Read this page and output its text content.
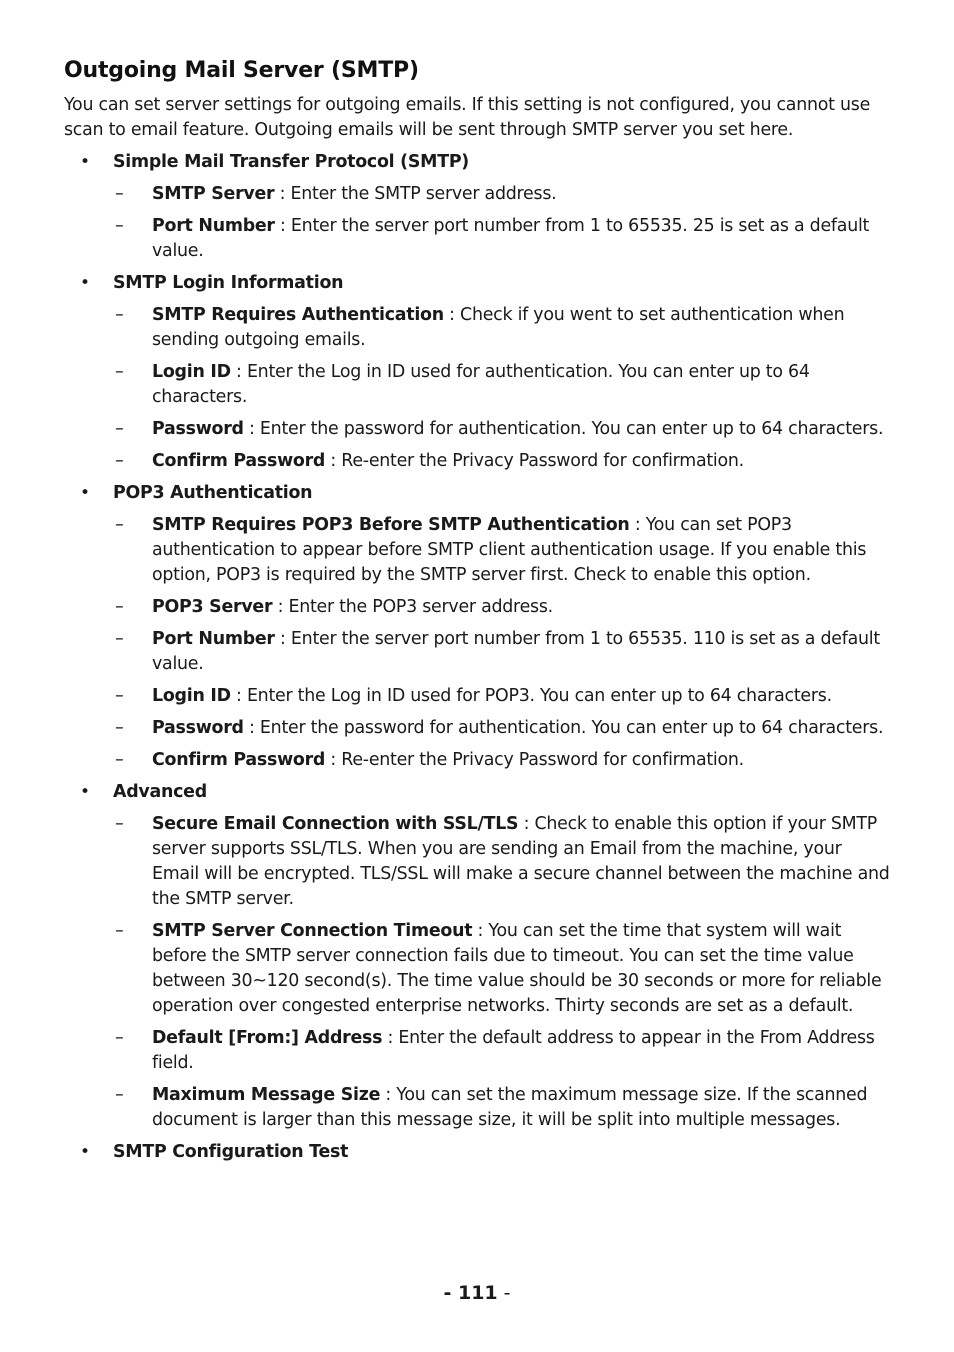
Outgoing Mail Server (SMTP)

You can set server settings for outgoing emails. If this setting is not configured, you cannot use scan to email feature. Outgoing emails will be sent through SMTP server you set here.

• Simple Mail Transfer Protocol (SMTP)
– SMTP Server : Enter the SMTP server address.
– Port Number : Enter the server port number from 1 to 65535. 25 is set as a default value.
• SMTP Login Information
– SMTP Requires Authentication : Check if you went to set authentication when sending outgoing emails.
– Login ID : Enter the Log in ID used for authentication. You can enter up to 64 characters.
– Password : Enter the password for authentication. You can enter up to 64 characters.
– Confirm Password : Re-enter the Privacy Password for confirmation.
• POP3 Authentication
– SMTP Requires POP3 Before SMTP Authentication : You can set POP3 authentication to appear before SMTP client authentication usage. If you enable this option, POP3 is required by the SMTP server first. Check to enable this option.
– POP3 Server : Enter the POP3 server address.
– Port Number : Enter the server port number from 1 to 65535. 110 is set as a default value.
– Login ID : Enter the Log in ID used for POP3. You can enter up to 64 characters.
– Password : Enter the password for authentication. You can enter up to 64 characters.
– Confirm Password : Re-enter the Privacy Password for confirmation.
• Advanced
– Secure Email Connection with SSL/TLS : Check to enable this option if your SMTP server supports SSL/TLS. When you are sending an Email from the machine, your Email will be encrypted. TLS/SSL will make a secure channel between the machine and the SMTP server.
– SMTP Server Connection Timeout : You can set the time that system will wait before the SMTP server connection fails due to timeout. You can set the time value between 30~120 second(s). The time value should be 30 seconds or more for reliable operation over congested enterprise networks. Thirty seconds are set as a default.
– Default [From:] Address : Enter the default address to appear in the From Address field.
– Maximum Message Size : You can set the maximum message size. If the scanned document is larger than this message size, it will be split into multiple messages.
• SMTP Configuration Test
- 111 -
